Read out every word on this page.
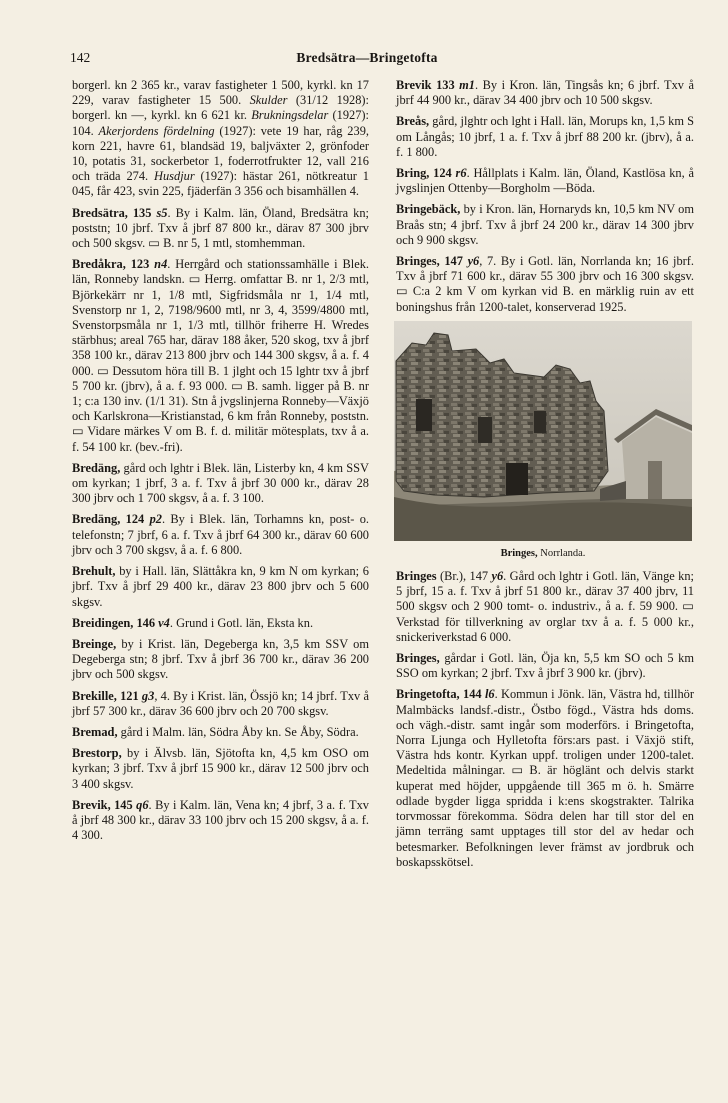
142	Bredsätra—Bringetofta

borgerl. kn 2 365 kr., varav fastigheter 1 500, kyrkl. kn 17 229, varav fastigheter 15 500. Skulder (31/12 1928): borgerl. kn —, kyrkl. kn 6 621 kr. Brukningsdelar (1927): 104. Akerjordens fördelning (1927): vete 19 har, råg 239, korn 221, havre 61, blandsäd 19, baljväxter 2, grönfoder 10, potatis 31, sockerbetor 1, foderrotfrukter 12, vall 216 och träda 274. Husdjur (1927): hästar 261, nötkreatur 1 045, får 423, svin 225, fjäderfän 3 356 och bisamhällen 4.

Bredsätra, 135 s5. By i Kalm. län, Öland, Bredsätra kn; poststn; 10 jbrf. Txv å jbrf 87 800 kr., därav 87 300 jbrv och 500 skgsv. ▭ B. nr 5, 1 mtl, stomhemman.

Bredåkra, 123 n4. Herrgård och stationssamhälle i Blek. län, Ronneby landskn. ▭ Herrg. omfattar B. nr 1, 2/3 mtl, Björkekärr nr 1, 1/8 mtl, Sigfridsmåla nr 1, 1/4 mtl, Svenstorp nr 1, 2, 7198/9600 mtl, nr 3, 4, 3599/4800 mtl, Svenstorpsmåla nr 1, 1/3 mtl, tillhör friherre H. Wredes stärbhus; areal 765 har, därav 188 åker, 520 skog, txv å jbrf 358 100 kr., därav 213 800 jbrv och 144 300 skgsv, å a. f. 4 000. ▭ Dessutom höra till B. 1 jlght och 15 lghtr txv å jbrf 5 700 kr. (jbrv), å a. f. 93 000. ▭ B. samh. ligger på B. nr 1; c:a 130 inv. (1/1 31). Stn å jvgslinjerna Ronneby—Växjö och Karlskrona—Kristianstad, 6 km från Ronneby, poststn. ▭ Vidare märkes V om B. f. d. militär mötesplats, txv å a. f. 54 100 kr. (bev.-fri).

Bredäng, gård och lghtr i Blek. län, Listerby kn, 4 km SSV om kyrkan; 1 jbrf, 3 a. f. Txv å jbrf 30 000 kr., därav 28 300 jbrv och 1 700 skgsv, å a. f. 3 100.

Bredäng, 124 p2. By i Blek. län, Torhamns kn, post- o. telefonstn; 7 jbrf, 6 a. f. Txv å jbrf 64 300 kr., därav 60 600 jbrv och 3 700 skgsv, å a. f. 6 800.

Brehult, by i Hall. län, Slättåkra kn, 9 km N om kyrkan; 6 jbrf. Txv å jbrf 29 400 kr., därav 23 800 jbrv och 5 600 skgsv.

Breidingen, 146 v4. Grund i Gotl. län, Eksta kn.

Breinge, by i Krist. län, Degeberga kn, 3,5 km SSV om Degeberga stn; 8 jbrf. Txv å jbrf 36 700 kr., därav 36 200 jbrv och 500 skgsv.

Brekille, 121 g3, 4. By i Krist. län, Össjö kn; 14 jbrf. Txv å jbrf 57 300 kr., därav 36 600 jbrv och 20 700 skgsv.

Bremad, gård i Malm. län, Södra Åby kn. Se Åby, Södra.

Brestorp, by i Älvsb. län, Sjötofta kn, 4,5 km OSO om kyrkan; 3 jbrf. Txv å jbrf 15 900 kr., därav 12 500 jbrv och 3 400 skgsv.

Brevik, 145 q6. By i Kalm. län, Vena kn; 4 jbrf, 3 a. f. Txv å jbrf 48 300 kr., därav 33 100 jbrv och 15 200 skgsv, å a. f. 4 300.

Brevik 133 m1. By i Kron. län, Tingsås kn; 6 jbrf. Txv å jbrf 44 900 kr., därav 34 400 jbrv och 10 500 skgsv.

Breås, gård, jlghtr och lght i Hall. län, Morups kn, 1,5 km S om Långås; 10 jbrf, 1 a. f. Txv å jbrf 88 200 kr. (jbrv), å a. f. 1 800.

Bring, 124 r6. Hållplats i Kalm. län, Öland, Kastlösa kn, å jvgslinjen Ottenby—Borgholm —Böda.

Bringebäck, by i Kron. län, Hornaryds kn, 10,5 km NV om Braås stn; 4 jbrf. Txv å jbrf 24 200 kr., därav 14 300 jbrv och 9 900 skgsv.

Bringes, 147 y6, 7. By i Gotl. län, Norrlanda kn; 16 jbrf. Txv å jbrf 71 600 kr., därav 55 300 jbrv och 16 300 skgsv. ▭ C:a 2 km V om kyrkan vid B. en märklig ruin av ett boningshus från 1200-talet, konserverad 1925.

Bringes, Norrlanda.

Bringes (Br.), 147 y6. Gård och lghtr i Gotl. län, Vänge kn; 5 jbrf, 15 a. f. Txv å jbrf 51 800 kr., därav 37 400 jbrv, 11 500 skgsv och 2 900 tomt- o. industriv., å a. f. 59 900. ▭ Verkstad för tillverkning av orglar txv å a. f. 5 000 kr., snickeriverkstad 6 000.

Bringes, gårdar i Gotl. län, Öja kn, 5,5 km SO och 5 km SSO om kyrkan; 2 jbrf. Txv å jbrf 3 900 kr. (jbrv).

Bringetofta, 144 l6. Kommun i Jönk. län, Västra hd, tillhör Malmbäcks landsf.-distr., Östbo fögd., Västra hds doms. och vägh.-distr. samt ingår som moderförs. i Bringetofta, Norra Ljunga och Hylletofta förs:ars past. i Växjö stift, Västra hds kontr. Kyrkan uppf. troligen under 1200-talet. Medeltida målningar. ▭ B. är höglänt och delvis starkt kuperat med höjder, uppgående till 365 m ö. h. Smärre odlade bygder ligga spridda i k:ens skogstrakter. Talrika torvmossar förekomma. Södra delen har till stor del en jämn terräng samt upptages till stor del av hedar och betesmarker. Befolkningen lever främst av jordbruk och boskapsskötsel.
